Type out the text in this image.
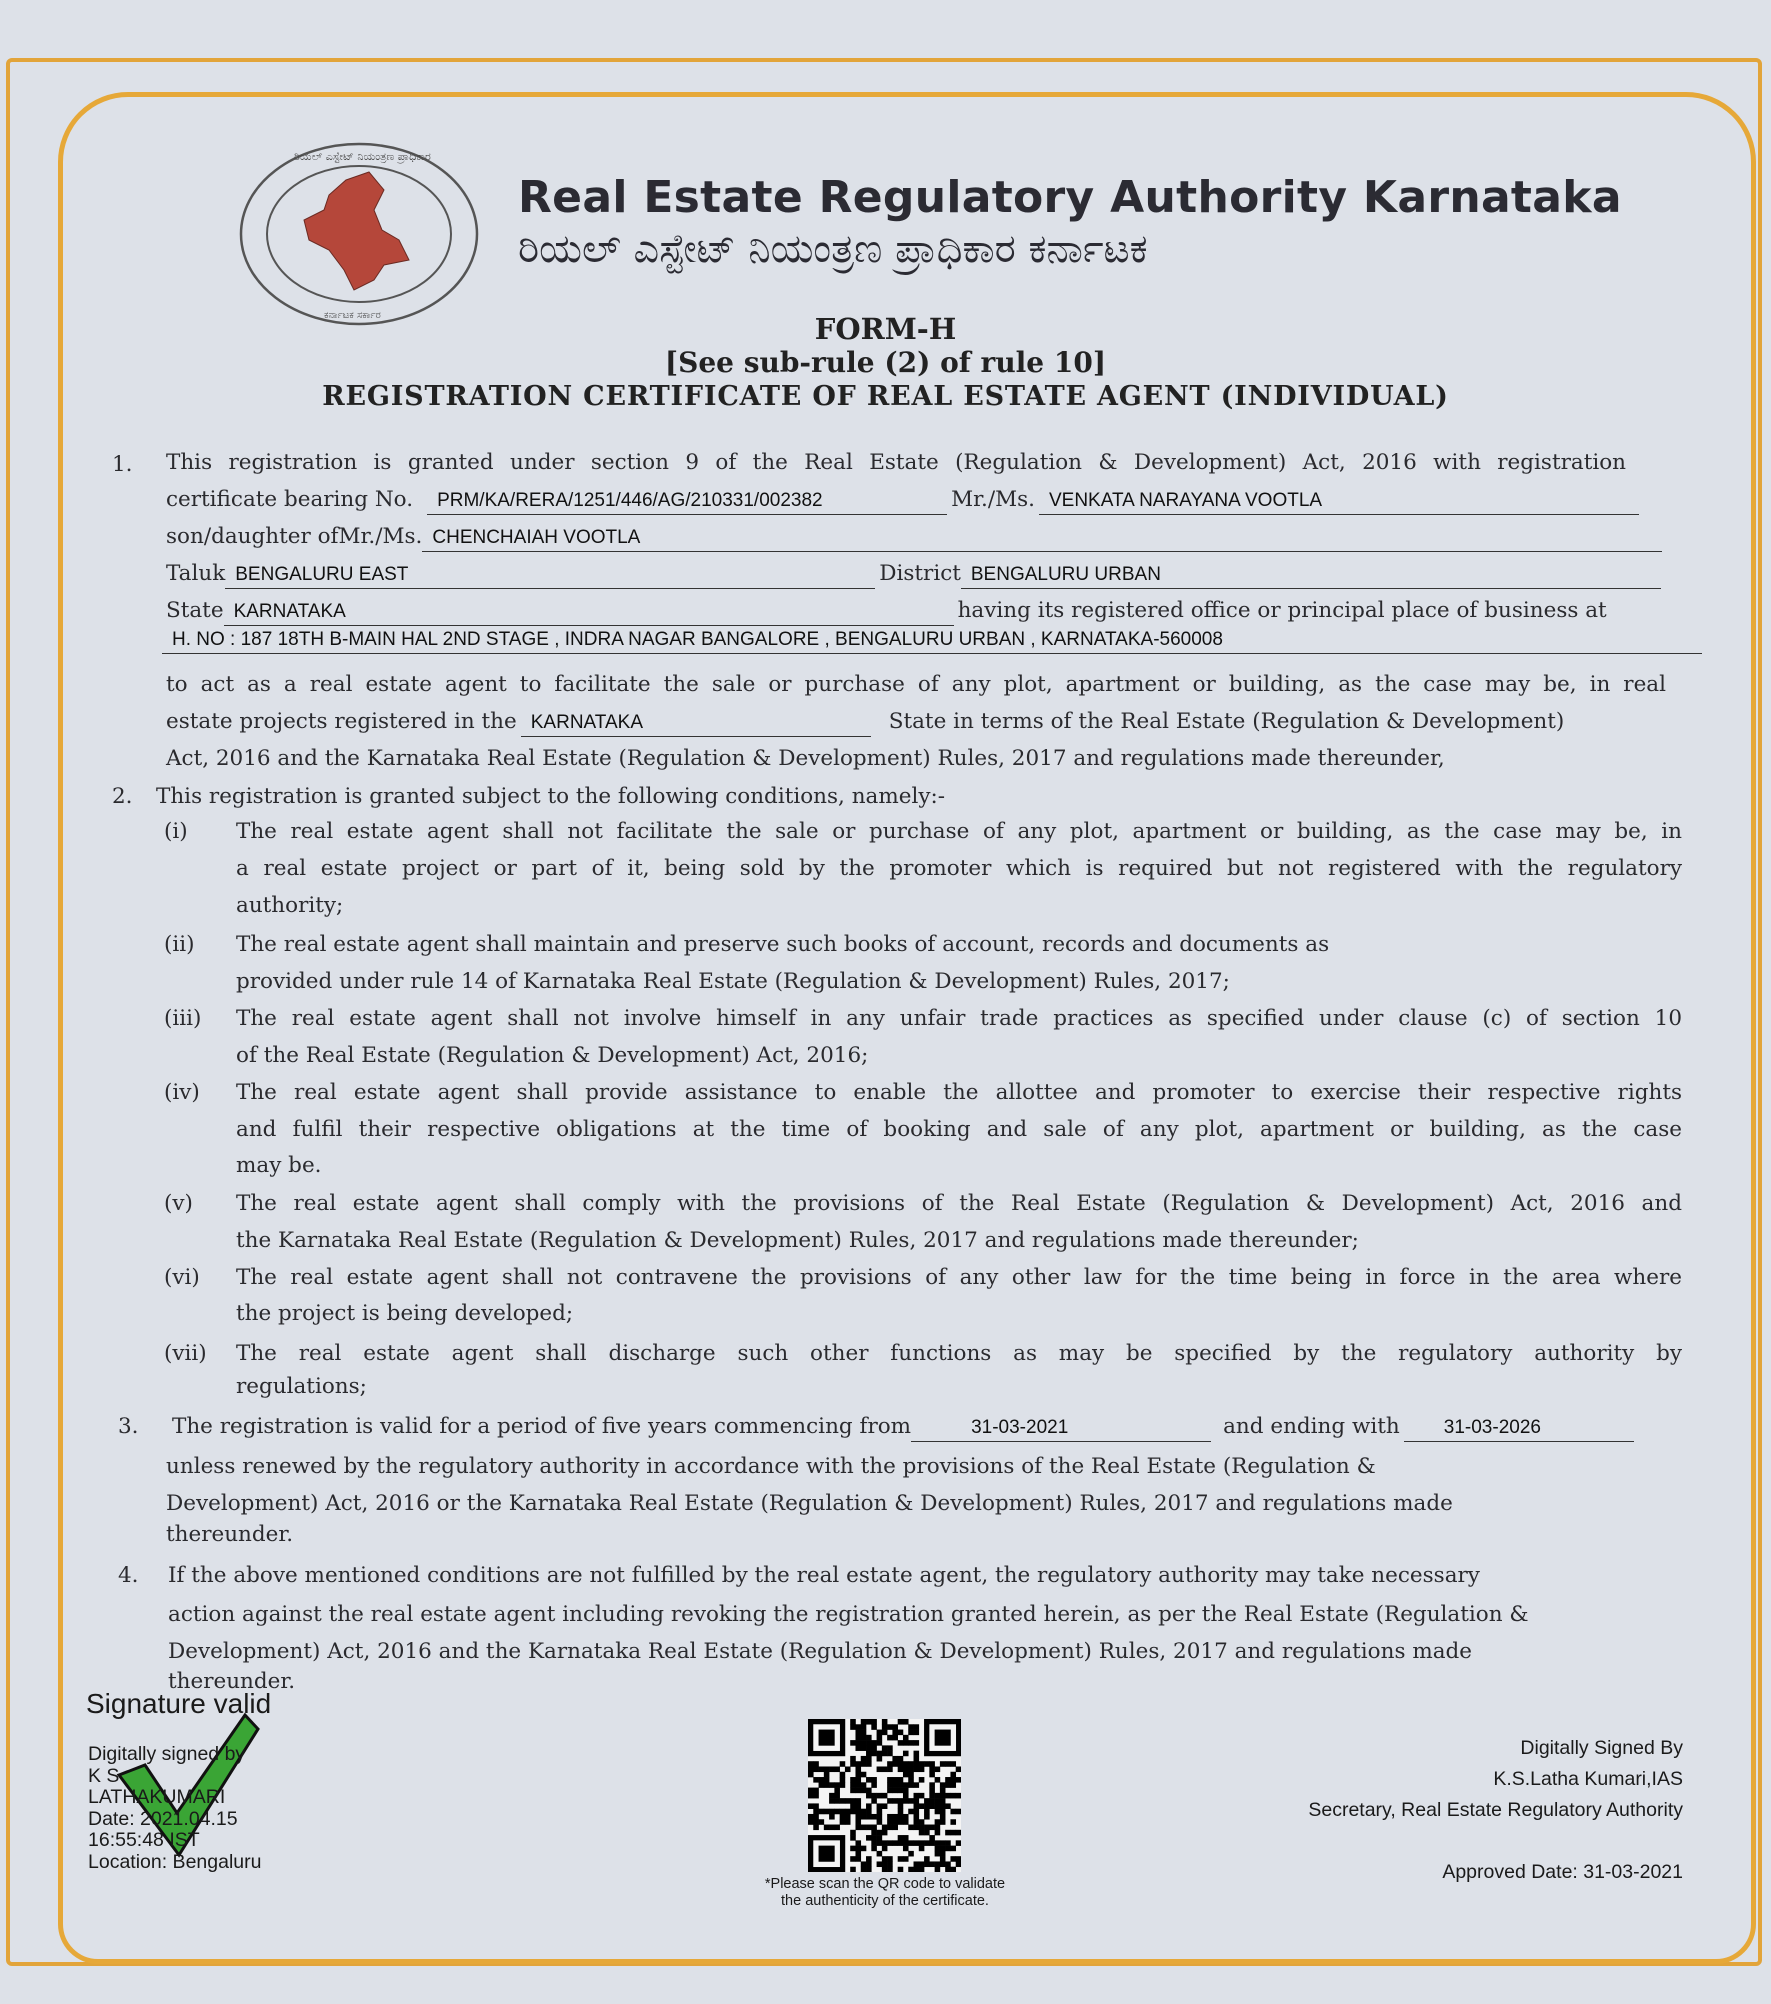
ರಿಯಲ್ ಎಸ್ಟೇಟ್ ನಿಯಂತ್ರಣ ಪ್ರಾಧಿಕಾರ
ಕರ್ನಾಟಕ ಸರ್ಕಾರ
Real Estate Regulatory Authority Karnataka
ರಿಯಲ್ ಎಸ್ಟೇಟ್ ನಿಯಂತ್ರಣ ಪ್ರಾಧಿಕಾರ ಕರ್ನಾಟಕ
FORM-H
[See sub-rule (2) of rule 10]
REGISTRATION CERTIFICATE OF REAL ESTATE AGENT (INDIVIDUAL)
1. This registration is granted under section 9 of the Real Estate (Regulation & Development) Act, 2016 with registration
certificate bearing No.	PRM/KA/RERA/1251/446/AG/210331/002382	Mr./Ms. VENKATA NARAYANA VOOTLA
son/daughter ofMr./Ms. CHENCHAIAH VOOTLA
Taluk BENGALURU EAST	District BENGALURU URBAN
State KARNATAKA	having its registered office or principal place of business at
H. NO : 187 18TH B-MAIN HAL 2ND STAGE , INDRA NAGAR BANGALORE , BENGALURU URBAN , KARNATAKA-560008
to act as a real estate agent to facilitate the sale or purchase of any plot, apartment or building, as the case may be, in real
estate projects registered in the KARNATAKA	State in terms of the Real Estate (Regulation & Development)
Act, 2016 and the Karnataka Real Estate (Regulation & Development) Rules, 2017 and regulations made thereunder,
2. This registration is granted subject to the following conditions, namely:-
(i) The real estate agent shall not facilitate the sale or purchase of any plot, apartment or building, as the case may be, in
a real estate project or part of it, being sold by the promoter which is required but not registered with the regulatory
authority;
(ii) The real estate agent shall maintain and preserve such books of account, records and documents as
provided under rule 14 of Karnataka Real Estate (Regulation & Development) Rules, 2017;
(iii) The real estate agent shall not involve himself in any unfair trade practices as specified under clause (c) of section 10
of the Real Estate (Regulation & Development) Act, 2016;
(iv) The real estate agent shall provide assistance to enable the allottee and promoter to exercise their respective rights
and fulfil their respective obligations at the time of booking and sale of any plot, apartment or building, as the case
may be.
(v) The real estate agent shall comply with the provisions of the Real Estate (Regulation & Development) Act, 2016 and
the Karnataka Real Estate (Regulation & Development) Rules, 2017 and regulations made thereunder;
(vi) The real estate agent shall not contravene the provisions of any other law for the time being in force in the area where
the project is being developed;
(vii) The real estate agent shall discharge such other functions as may be specified by the regulatory authority by
regulations;
3. The registration is valid for a period of five years commencing from	31-03-2021	and ending with	31-03-2026
unless renewed by the regulatory authority in accordance with the provisions of the Real Estate (Regulation &
Development) Act, 2016 or the Karnataka Real Estate (Regulation & Development) Rules, 2017 and regulations made
thereunder.
4. If the above mentioned conditions are not fulfilled by the real estate agent, the regulatory authority may take necessary
action against the real estate agent including revoking the registration granted herein, as per the Real Estate (Regulation &
Development) Act, 2016 and the Karnataka Real Estate (Regulation & Development) Rules, 2017 and regulations made
thereunder.
Signature valid
Digitally signed by
K S
LATHAKUMARI
Date: 2021.04.15
16:55:48 IST
Location: Bengaluru
*Please scan the QR code to validate
the authenticity of the certificate.
Digitally Signed By
K.S.Latha Kumari,IAS
Secretary, Real Estate Regulatory Authority
Approved Date: 31-03-2021
